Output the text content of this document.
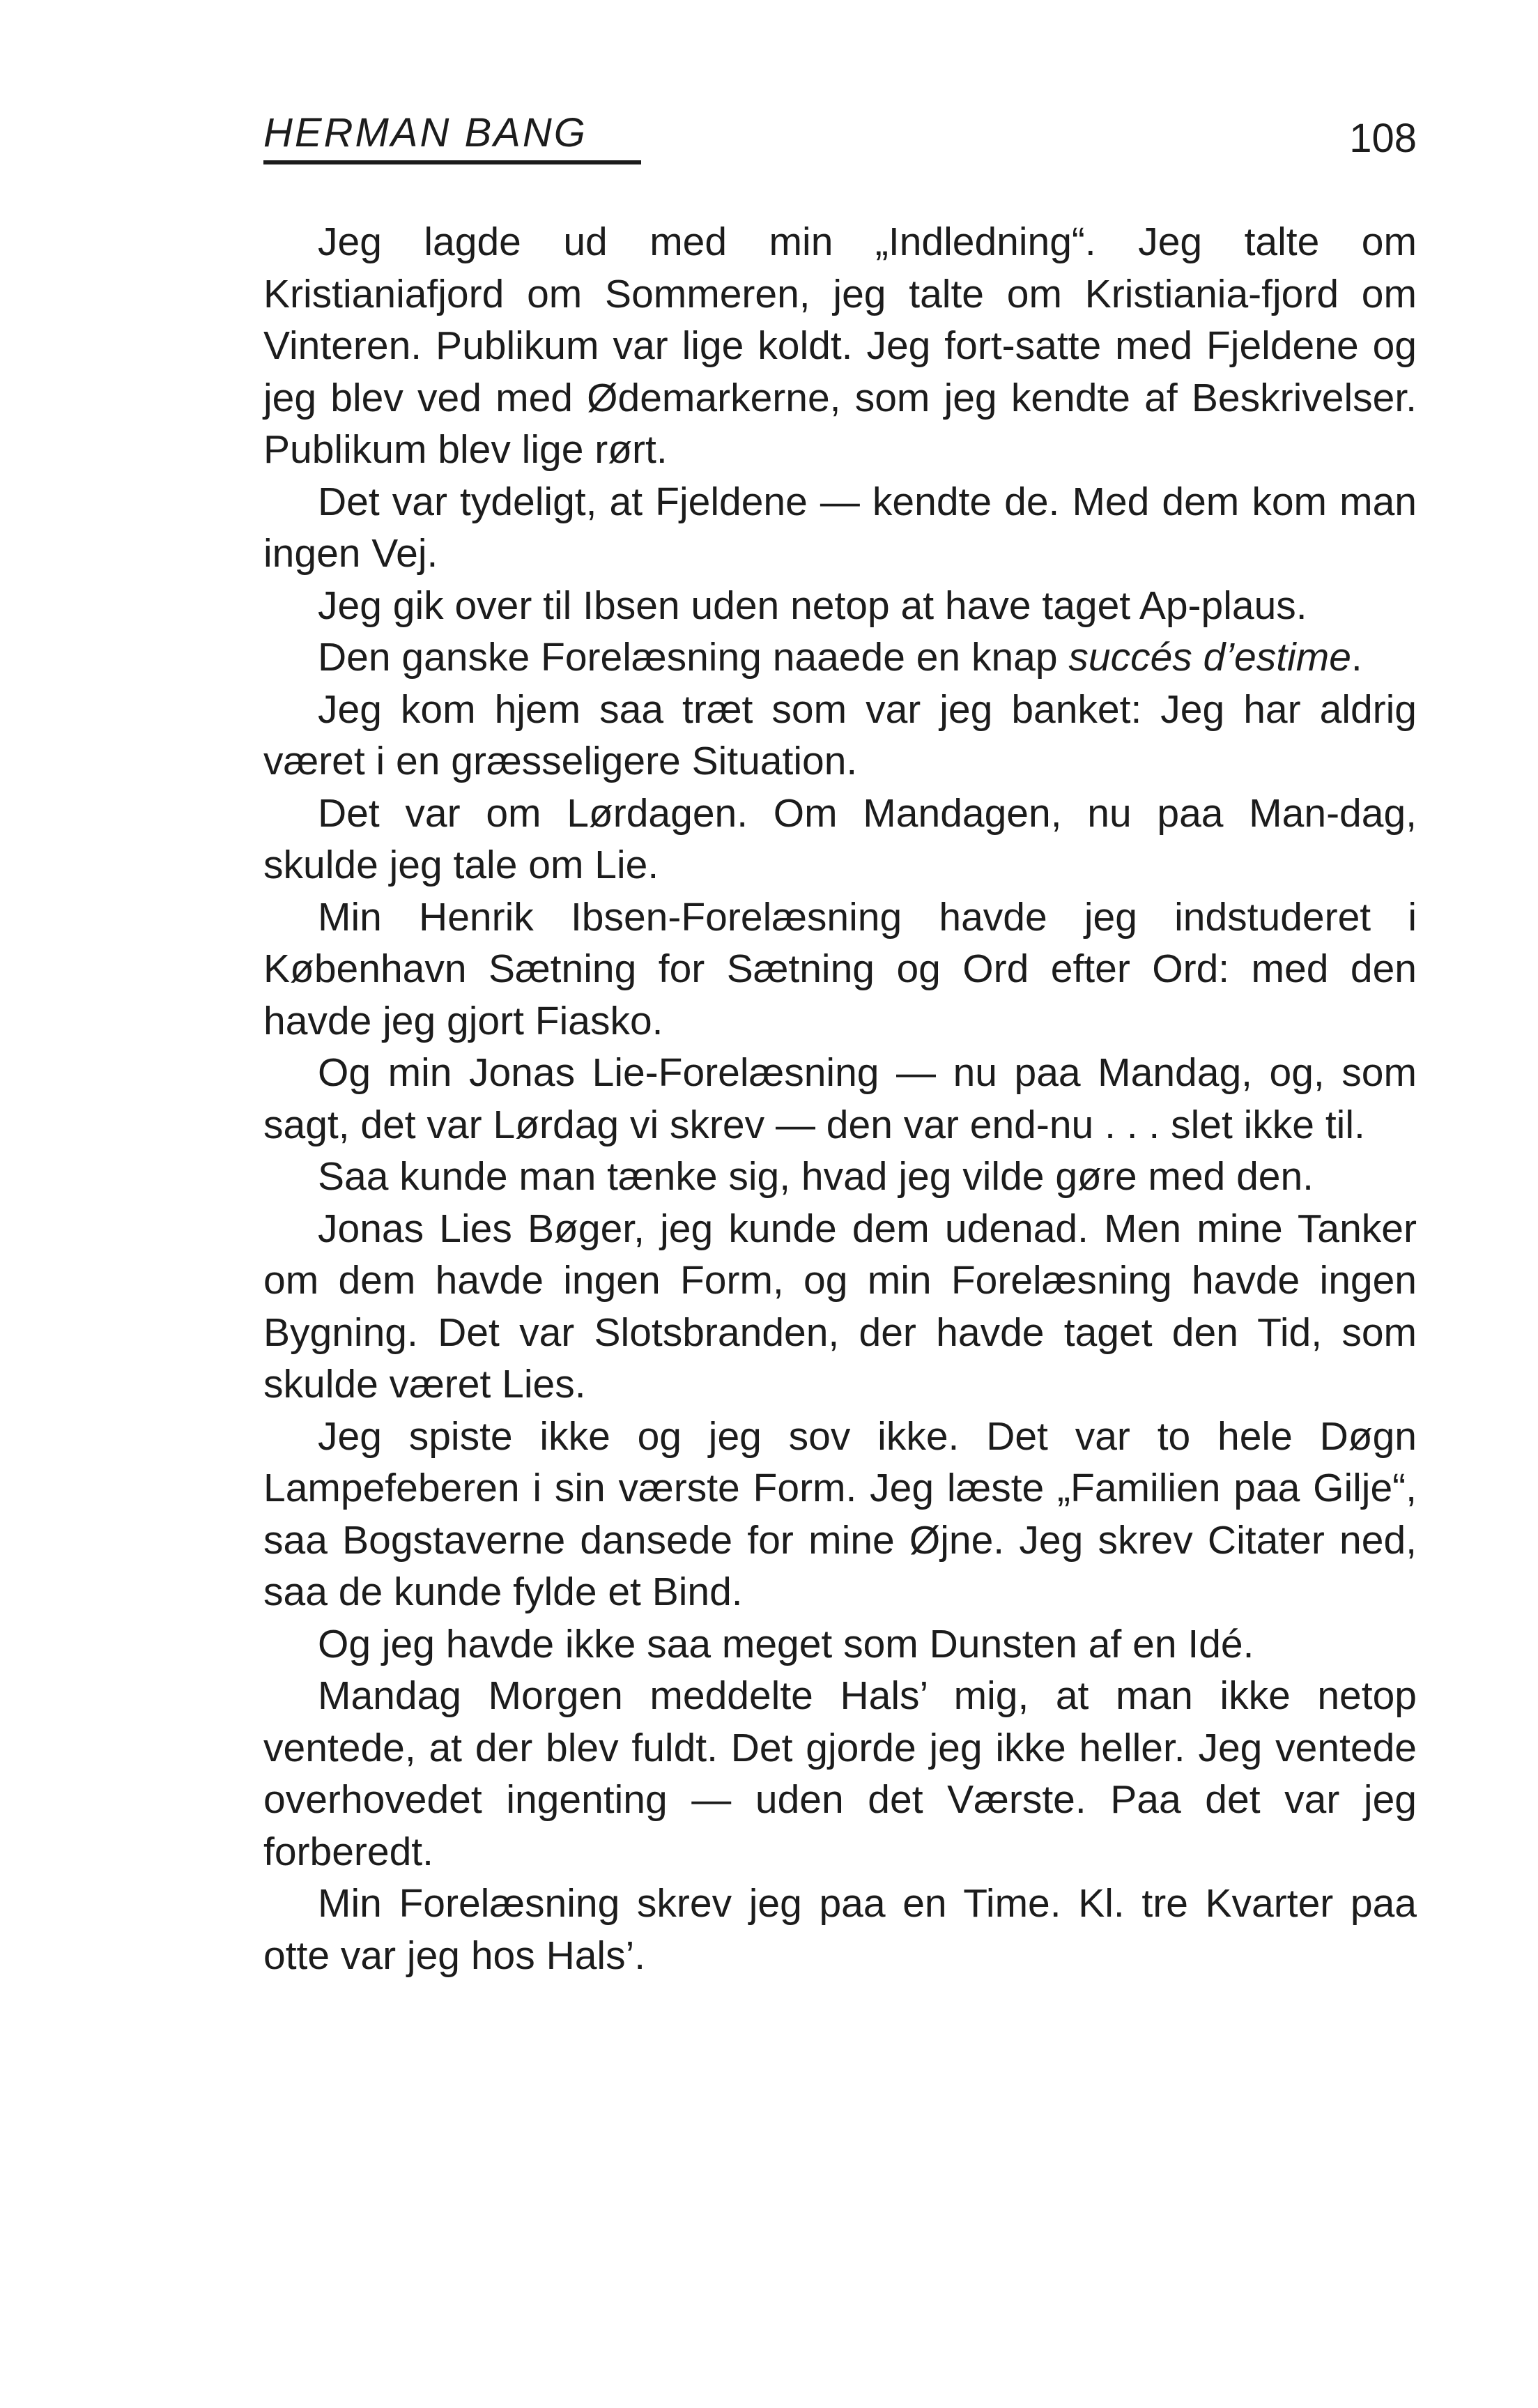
HERMAN BANG	108

Jeg lagde ud med min „Indledning“. Jeg talte om Kristianiafjord om Sommeren, jeg talte om Kristiania-fjord om Vinteren. Publikum var lige koldt. Jeg fort-satte med Fjeldene og jeg blev ved med Ødemarkerne, som jeg kendte af Beskrivelser. Publikum blev lige rørt.

Det var tydeligt, at Fjeldene — kendte de. Med dem kom man ingen Vej.

Jeg gik over til Ibsen uden netop at have taget Ap-plaus.

Den ganske Forelæsning naaede en knap succés d’estime.

Jeg kom hjem saa træt som var jeg banket: Jeg har aldrig været i en græsseligere Situation.

Det var om Lørdagen. Om Mandagen, nu paa Man-dag, skulde jeg tale om Lie.

Min Henrik Ibsen-Forelæsning havde jeg indstuderet i København Sætning for Sætning og Ord efter Ord: med den havde jeg gjort Fiasko.

Og min Jonas Lie-Forelæsning — nu paa Mandag, og, som sagt, det var Lørdag vi skrev — den var end-nu . . . slet ikke til.

Saa kunde man tænke sig, hvad jeg vilde gøre med den.

Jonas Lies Bøger, jeg kunde dem udenad. Men mine Tanker om dem havde ingen Form, og min Forelæsning havde ingen Bygning. Det var Slotsbranden, der havde taget den Tid, som skulde været Lies.

Jeg spiste ikke og jeg sov ikke. Det var to hele Døgn Lampefeberen i sin værste Form. Jeg læste „Familien paa Gilje“, saa Bogstaverne dansede for mine Øjne. Jeg skrev Citater ned, saa de kunde fylde et Bind.

Og jeg havde ikke saa meget som Dunsten af en Idé.

Mandag Morgen meddelte Hals’ mig, at man ikke netop ventede, at der blev fuldt. Det gjorde jeg ikke heller. Jeg ventede overhovedet ingenting — uden det Værste. Paa det var jeg forberedt.

Min Forelæsning skrev jeg paa en Time. Kl. tre Kvarter paa otte var jeg hos Hals’.
